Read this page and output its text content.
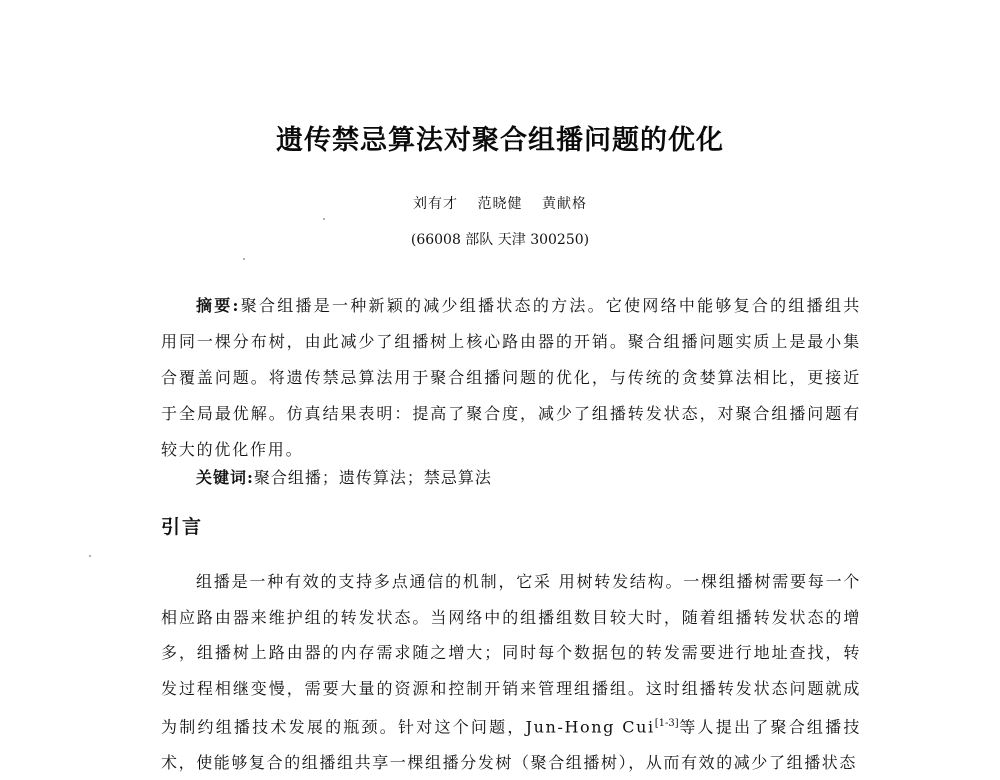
遗传禁忌算法对聚合组播问题的优化
刘有才 范晓健 黄献格
(66008 部队 天津 300250)

摘要:聚合组播是一种新颖的减少组播状态的方法。它使网络中能够复合的组播组共用同一棵分布树，由此减少了组播树上核心路由器的开销。聚合组播问题实质上是最小集合覆盖问题。将遗传禁忌算法用于聚合组播问题的优化，与传统的贪婪算法相比，更接近于全局最优解。仿真结果表明：提高了聚合度，减少了组播转发状态，对聚合组播问题有较大的优化作用。

关键词:聚合组播；遗传算法；禁忌算法
引言

组播是一种有效的支持多点通信的机制，它采 用树转发结构。一棵组播树需要每一个相应路由器来维护组的转发状态。当网络中的组播组数目较大时，随着组播转发状态的增多，组播树上路由器的内存需求随之增大；同时每个数据包的转发需要进行地址查找，转发过程相继变慢，需要大量的资源和控制开销来管理组播组。这时组播转发状态问题就成为制约组播技术发展的瓶颈。针对这个问题，Jun-Hong Cui[1-3]等人提出了聚合组播技术，使能够复合的组播组共享一棵组播分发树（聚合组播树），从而有效的减少了组播状态
